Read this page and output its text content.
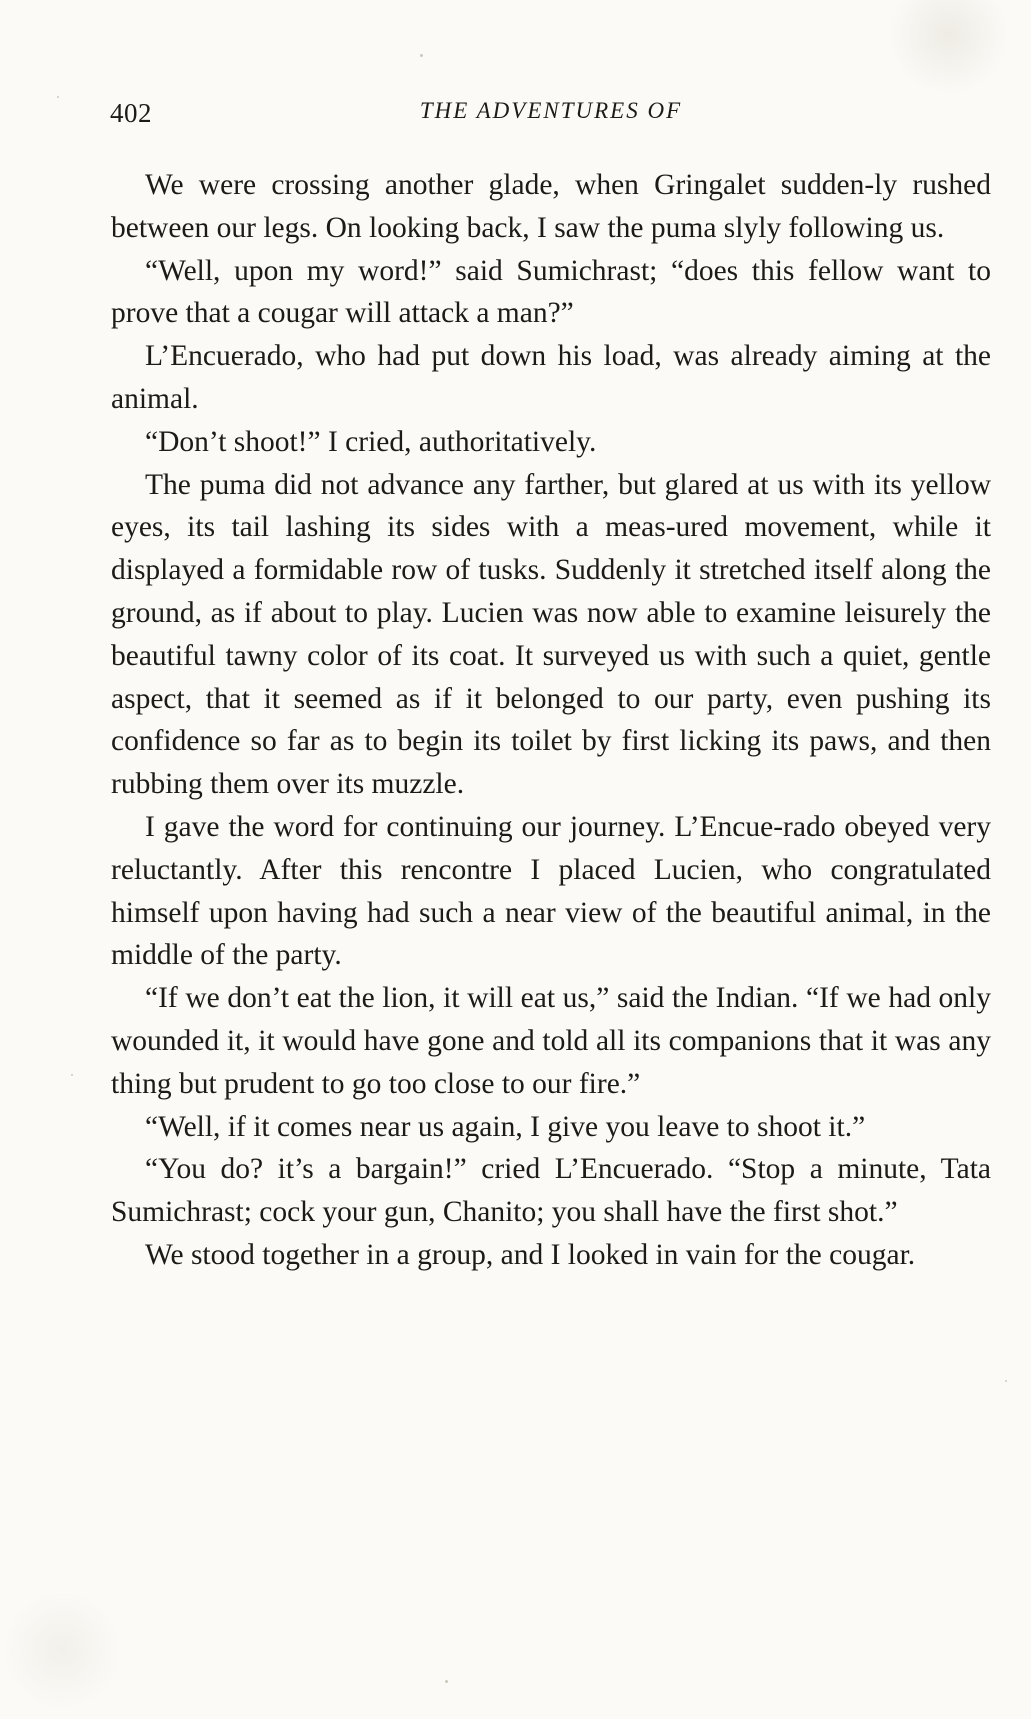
402	THE ADVENTURES OF

We were crossing another glade, when Gringalet sudden-ly rushed between our legs. On looking back, I saw the puma slyly following us.

“Well, upon my word!” said Sumichrast; “does this fellow want to prove that a cougar will attack a man?”

L’Encuerado, who had put down his load, was already aiming at the animal.

“Don’t shoot!” I cried, authoritatively.

The puma did not advance any farther, but glared at us with its yellow eyes, its tail lashing its sides with a meas-ured movement, while it displayed a formidable row of tusks. Suddenly it stretched itself along the ground, as if about to play. Lucien was now able to examine leisurely the beautiful tawny color of its coat. It surveyed us with such a quiet, gentle aspect, that it seemed as if it belonged to our party, even pushing its confidence so far as to begin its toilet by first licking its paws, and then rubbing them over its muzzle.

I gave the word for continuing our journey. L’Encue-rado obeyed very reluctantly. After this rencontre I placed Lucien, who congratulated himself upon having had such a near view of the beautiful animal, in the middle of the party.

“If we don’t eat the lion, it will eat us,” said the Indian. “If we had only wounded it, it would have gone and told all its companions that it was any thing but prudent to go too close to our fire.”

“Well, if it comes near us again, I give you leave to shoot it.”

“You do? it’s a bargain!” cried L’Encuerado. “Stop a minute, Tata Sumichrast; cock your gun, Chanito; you shall have the first shot.”

We stood together in a group, and I looked in vain for the cougar.
